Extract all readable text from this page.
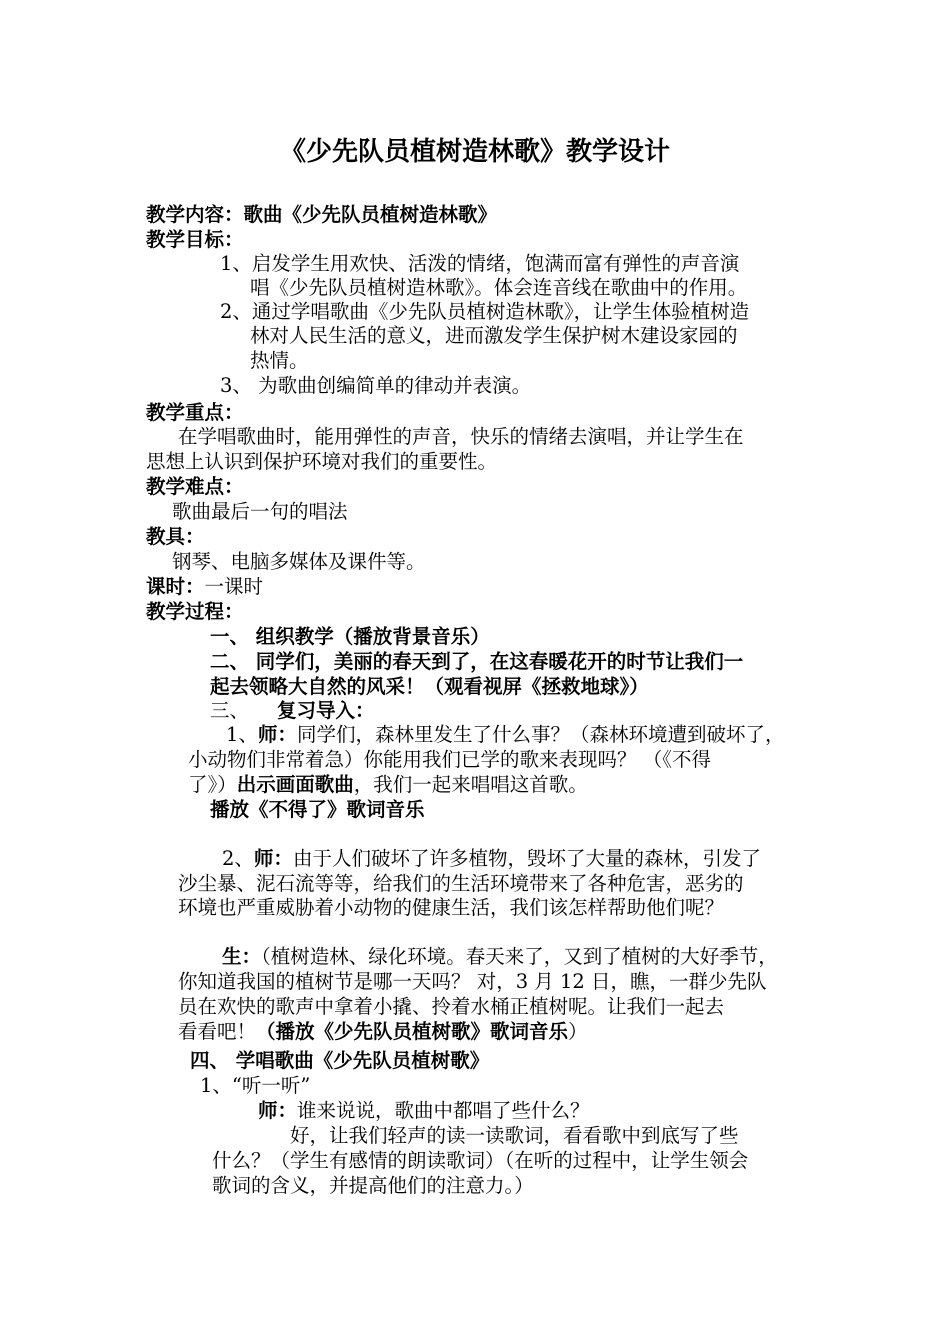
《少先队员植树造林歌》教学设计
教学内容：歌曲《少先队员植树造林歌》
教学目标：
1、启发学生用欢快、活泼的情绪，饱满而富有弹性的声音演
唱《少先队员植树造林歌》。体会连音线在歌曲中的作用。
2、通过学唱歌曲《少先队员植树造林歌》，让学生体验植树造
林对人民生活的意义，进而激发学生保护树木建设家园的
热情。
3、 为歌曲创编简单的律动并表演。
教学重点：
在学唱歌曲时，能用弹性的声音，快乐的情绪去演唱，并让学生在
思想上认识到保护环境对我们的重要性。
教学难点：
歌曲最后一句的唱法
教具：
钢琴、电脑多媒体及课件等。
课时：一课时
教学过程：
一、 组织教学（播放背景音乐）
二、 同学们，美丽的春天到了，在这春暖花开的时节让我们一
起去领略大自然的风采！（观看视屏《拯救地球》）
三、 复习导入：
1、师：同学们，森林里发生了什么事？（森林环境遭到破坏了，
小动物们非常着急）你能用我们已学的歌来表现吗？ （《不得
了》）出示画面歌曲，我们一起来唱唱这首歌。
播放《不得了》歌词音乐
2、师：由于人们破坏了许多植物，毁坏了大量的森林，引发了
沙尘暴、泥石流等等，给我们的生活环境带来了各种危害，恶劣的
环境也严重威胁着小动物的健康生活，我们该怎样帮助他们呢？
生：（植树造林、绿化环境。春天来了，又到了植树的大好季节，
你知道我国的植树节是哪一天吗？ 对，3 月 12 日，瞧，一群少先队
员在欢快的歌声中拿着小撬、拎着水桶正植树呢。让我们一起去
看看吧！（播放《少先队员植树歌》歌词音乐）
四、 学唱歌曲《少先队员植树歌》
1、“听一听”
师：谁来说说，歌曲中都唱了些什么？
好，让我们轻声的读一读歌词，看看歌中到底写了些
什么？（学生有感情的朗读歌词）（在听的过程中，让学生领会
歌词的含义，并提高他们的注意力。）
